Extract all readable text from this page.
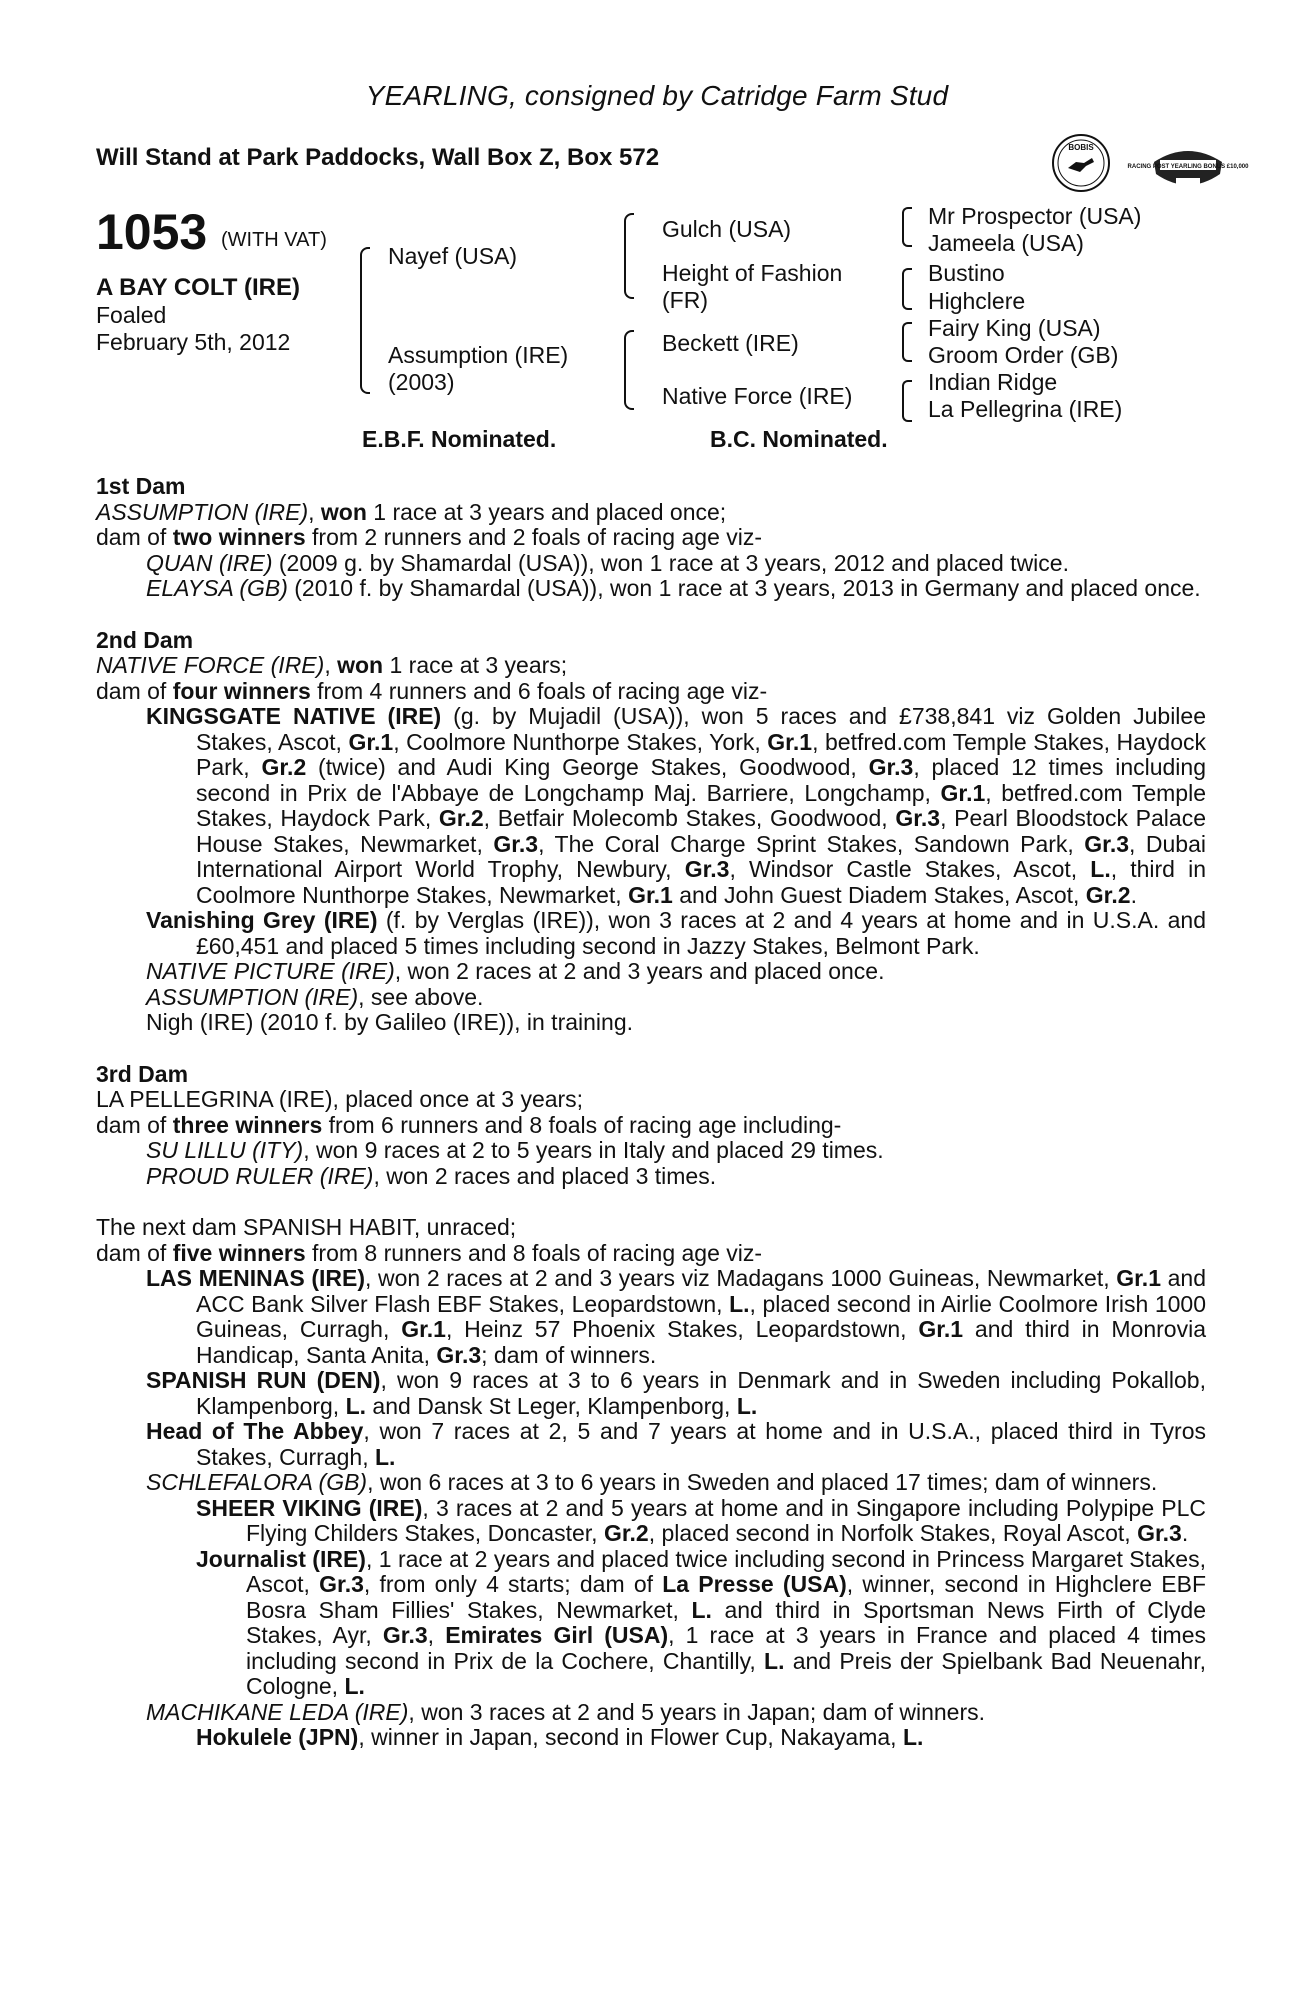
YEARLING, consigned by Catridge Farm Stud
Will Stand at Park Paddocks, Wall Box Z, Box 572	BOBIS
RACING POST YEARLING BONUS £10,000
1053 (WITH VAT)
A BAY COLT (IRE)
Foaled
February 5th, 2012
Nayef (USA)
Assumption (IRE)
(2003)
Gulch (USA)
Height of Fashion
(FR)
Beckett (IRE)
Native Force (IRE)
Mr Prospector (USA)
Jameela (USA)
Bustino
Highclere
Fairy King (USA)
Groom Order (GB)
Indian Ridge
La Pellegrina (IRE)
E.B.F. Nominated.	B.C. Nominated.
1st Dam

ASSUMPTION (IRE), won 1 race at 3 years and placed once;

dam of two winners from 2 runners and 2 foals of racing age viz-

QUAN (IRE) (2009 g. by Shamardal (USA)), won 1 race at 3 years, 2012 and placed twice.

ELAYSA (GB) (2010 f. by Shamardal (USA)), won 1 race at 3 years, 2013 in Germany and placed once.

2nd Dam

NATIVE FORCE (IRE), won 1 race at 3 years;

dam of four winners from 4 runners and 6 foals of racing age viz-

KINGSGATE NATIVE (IRE) (g. by Mujadil (USA)), won 5 races and £738,841 viz Golden Jubilee Stakes, Ascot, Gr.1, Coolmore Nunthorpe Stakes, York, Gr.1, betfred.com Temple Stakes, Haydock Park, Gr.2 (twice) and Audi King George Stakes, Goodwood, Gr.3, placed 12 times including second in Prix de l'Abbaye de Longchamp Maj. Barriere, Longchamp, Gr.1, betfred.com Temple Stakes, Haydock Park, Gr.2, Betfair Molecomb Stakes, Goodwood, Gr.3, Pearl Bloodstock Palace House Stakes, Newmarket, Gr.3, The Coral Charge Sprint Stakes, Sandown Park, Gr.3, Dubai International Airport World Trophy, Newbury, Gr.3, Windsor Castle Stakes, Ascot, L., third in Coolmore Nunthorpe Stakes, Newmarket, Gr.1 and John Guest Diadem Stakes, Ascot, Gr.2.

Vanishing Grey (IRE) (f. by Verglas (IRE)), won 3 races at 2 and 4 years at home and in U.S.A. and £60,451 and placed 5 times including second in Jazzy Stakes, Belmont Park.

NATIVE PICTURE (IRE), won 2 races at 2 and 3 years and placed once.

ASSUMPTION (IRE), see above.

Nigh (IRE) (2010 f. by Galileo (IRE)), in training.

3rd Dam

LA PELLEGRINA (IRE), placed once at 3 years;

dam of three winners from 6 runners and 8 foals of racing age including-

SU LILLU (ITY), won 9 races at 2 to 5 years in Italy and placed 29 times.

PROUD RULER (IRE), won 2 races and placed 3 times.

The next dam SPANISH HABIT, unraced;

dam of five winners from 8 runners and 8 foals of racing age viz-

LAS MENINAS (IRE), won 2 races at 2 and 3 years viz Madagans 1000 Guineas, Newmarket, Gr.1 and ACC Bank Silver Flash EBF Stakes, Leopardstown, L., placed second in Airlie Coolmore Irish 1000 Guineas, Curragh, Gr.1, Heinz 57 Phoenix Stakes, Leopardstown, Gr.1 and third in Monrovia Handicap, Santa Anita, Gr.3; dam of winners.

SPANISH RUN (DEN), won 9 races at 3 to 6 years in Denmark and in Sweden including Pokallob, Klampenborg, L. and Dansk St Leger, Klampenborg, L.

Head of The Abbey, won 7 races at 2, 5 and 7 years at home and in U.S.A., placed third in Tyros Stakes, Curragh, L.

SCHLEFALORA (GB), won 6 races at 3 to 6 years in Sweden and placed 17 times; dam of winners.

SHEER VIKING (IRE), 3 races at 2 and 5 years at home and in Singapore including Polypipe PLC Flying Childers Stakes, Doncaster, Gr.2, placed second in Norfolk Stakes, Royal Ascot, Gr.3.

Journalist (IRE), 1 race at 2 years and placed twice including second in Princess Margaret Stakes, Ascot, Gr.3, from only 4 starts; dam of La Presse (USA), winner, second in Highclere EBF Bosra Sham Fillies' Stakes, Newmarket, L. and third in Sportsman News Firth of Clyde Stakes, Ayr, Gr.3, Emirates Girl (USA), 1 race at 3 years in France and placed 4 times including second in Prix de la Cochere, Chantilly, L. and Preis der Spielbank Bad Neuenahr, Cologne, L.

MACHIKANE LEDA (IRE), won 3 races at 2 and 5 years in Japan; dam of winners.

Hokulele (JPN), winner in Japan, second in Flower Cup, Nakayama, L.
